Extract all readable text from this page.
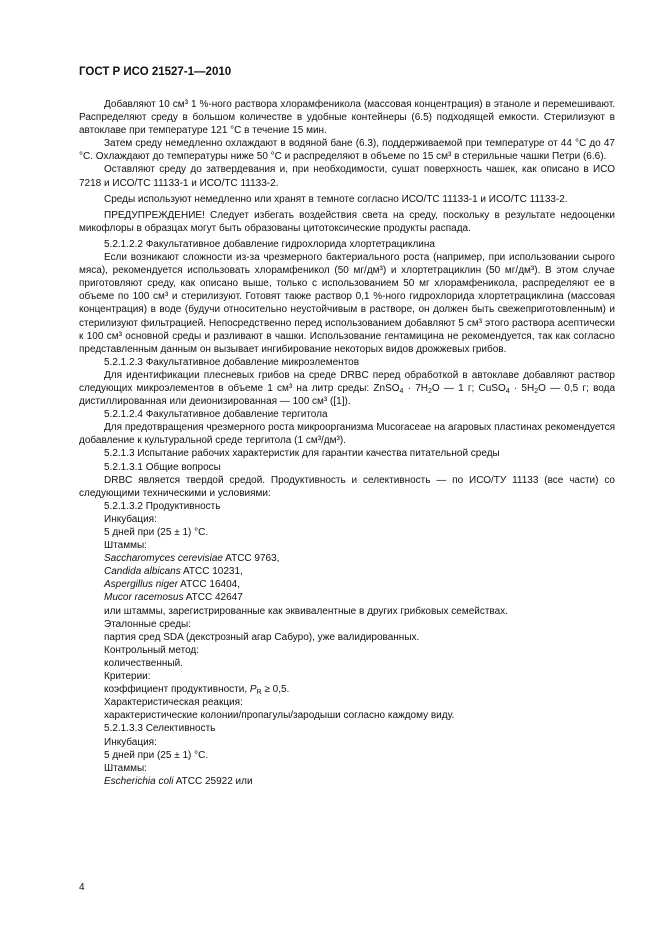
ГОСТ Р ИСО 21527-1—2010

Добавляют 10 см³ 1 %-ного раствора хлорамфеникола (массовая концентрация) в этаноле и перемешивают. Распределяют среду в большом количестве в удобные контейнеры (6.5) подходящей емкости. Стерилизуют в автоклаве при температуре 121 °С в течение 15 мин.

Затем среду немедленно охлаждают в водяной бане (6.3), поддерживаемой при температуре от 44 °С до 47 °С. Охлаждают до температуры ниже 50 °С и распределяют в объеме по 15 см³ в стерильные чашки Петри (6.6).

Оставляют среду до затвердевания и, при необходимости, сушат поверхность чашек, как описано в ИСО 7218 и ИСО/ТС 11133-1 и ИСО/ТС 11133-2.

Среды используют немедленно или хранят в темноте согласно ИСО/ТС 11133-1 и ИСО/ТС 11133-2.

ПРЕДУПРЕЖДЕНИЕ! Следует избегать воздействия света на среду, поскольку в результате недооценки микофлоры в образцах могут быть образованы цитотоксические продукты распада.

5.2.1.2.2 Факультативное добавление гидрохлорида хлортетрациклина

Если возникают сложности из-за чрезмерного бактериального роста (например, при использовании сырого мяса), рекомендуется использовать хлорамфеникол (50 мг/дм³) и хлортетрациклин (50 мг/дм³). В этом случае приготовляют среду, как описано выше, только с использованием 50 мг хлорамфеникола, распределяют ее в объеме по 100 см³ и стерилизуют. Готовят также раствор 0,1 %-ного гидрохлорида хлортетрациклина (массовая концентрация) в воде (будучи относительно неустойчивым в растворе, он должен быть свежеприготовленным) и стерилизуют фильтрацией. Непосредственно перед использованием добавляют 5 см³ этого раствора асептически к 100 см³ основной среды и разливают в чашки. Использование гентамицина не рекомендуется, так как согласно представленным данным он вызывает ингибирование некоторых видов дрожжевых грибов.

5.2.1.2.3 Факультативное добавление микроэлементов

Для идентификации плесневых грибов на среде DRBC перед обработкой в автоклаве добавляют раствор следующих микроэлементов в объеме 1 см³ на литр среды: ZnSO$_4$ · $7H_2O$ — 1 г; CuSO$_4$ · $5H_2O$ — 0,5 г; вода дистиллированная или деионизированная — 100 см³ ([1]).

5.2.1.2.4 Факультативное добавление тергитола

Для предотвращения чрезмерного роста микроорганизма Mucoraceae на агаровых пластинах рекомендуется добавление к культуральной среде тергитола (1 см³/дм³).

5.2.1.3 Испытание рабочих характеристик для гарантии качества питательной среды
5.2.1.3.1 Общие вопросы

DRBC является твердой средой. Продуктивность и селективность — по ИСО/ТУ 11133 (все части) со следующими техническими и условиями:

5.2.1.3.2 Продуктивность
Инкубация:
5 дней при (25 ± 1) °С.
Штаммы:
Saccharomyces cerevisiae ATCC 9763,
Candida albicans ATCC 10231,
Aspergillus niger ATCC 16404,
Mucor racemosus ATCC 42647
или штаммы, зарегистрированные как эквивалентные в других грибковых семействах.
Эталонные среды:
партия сред SDA (декстрозный агар Сабуро), уже валидированных.
Контрольный метод:
количественный.
Критерии:
коэффициент продуктивности, $P_R \ge 0,5$.
Характеристическая реакция:
характеристические колонии/пропагулы/зародыши согласно каждому виду.
5.2.1.3.3 Селективность
Инкубация:
5 дней при (25 ± 1) °С.
Штаммы:
Escherichia coli ATCC 25922 или
4
